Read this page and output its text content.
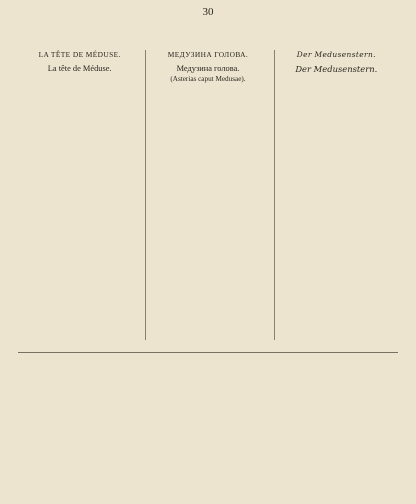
30
LA TÊTE DE MÉDUSE.
La tête de Méduse.

МЕДУЗИНА ГОЛОВА.
Медузина голова.
(Asterias caput Medusae).

Der Medusenstern.
Der Medusenstern.
